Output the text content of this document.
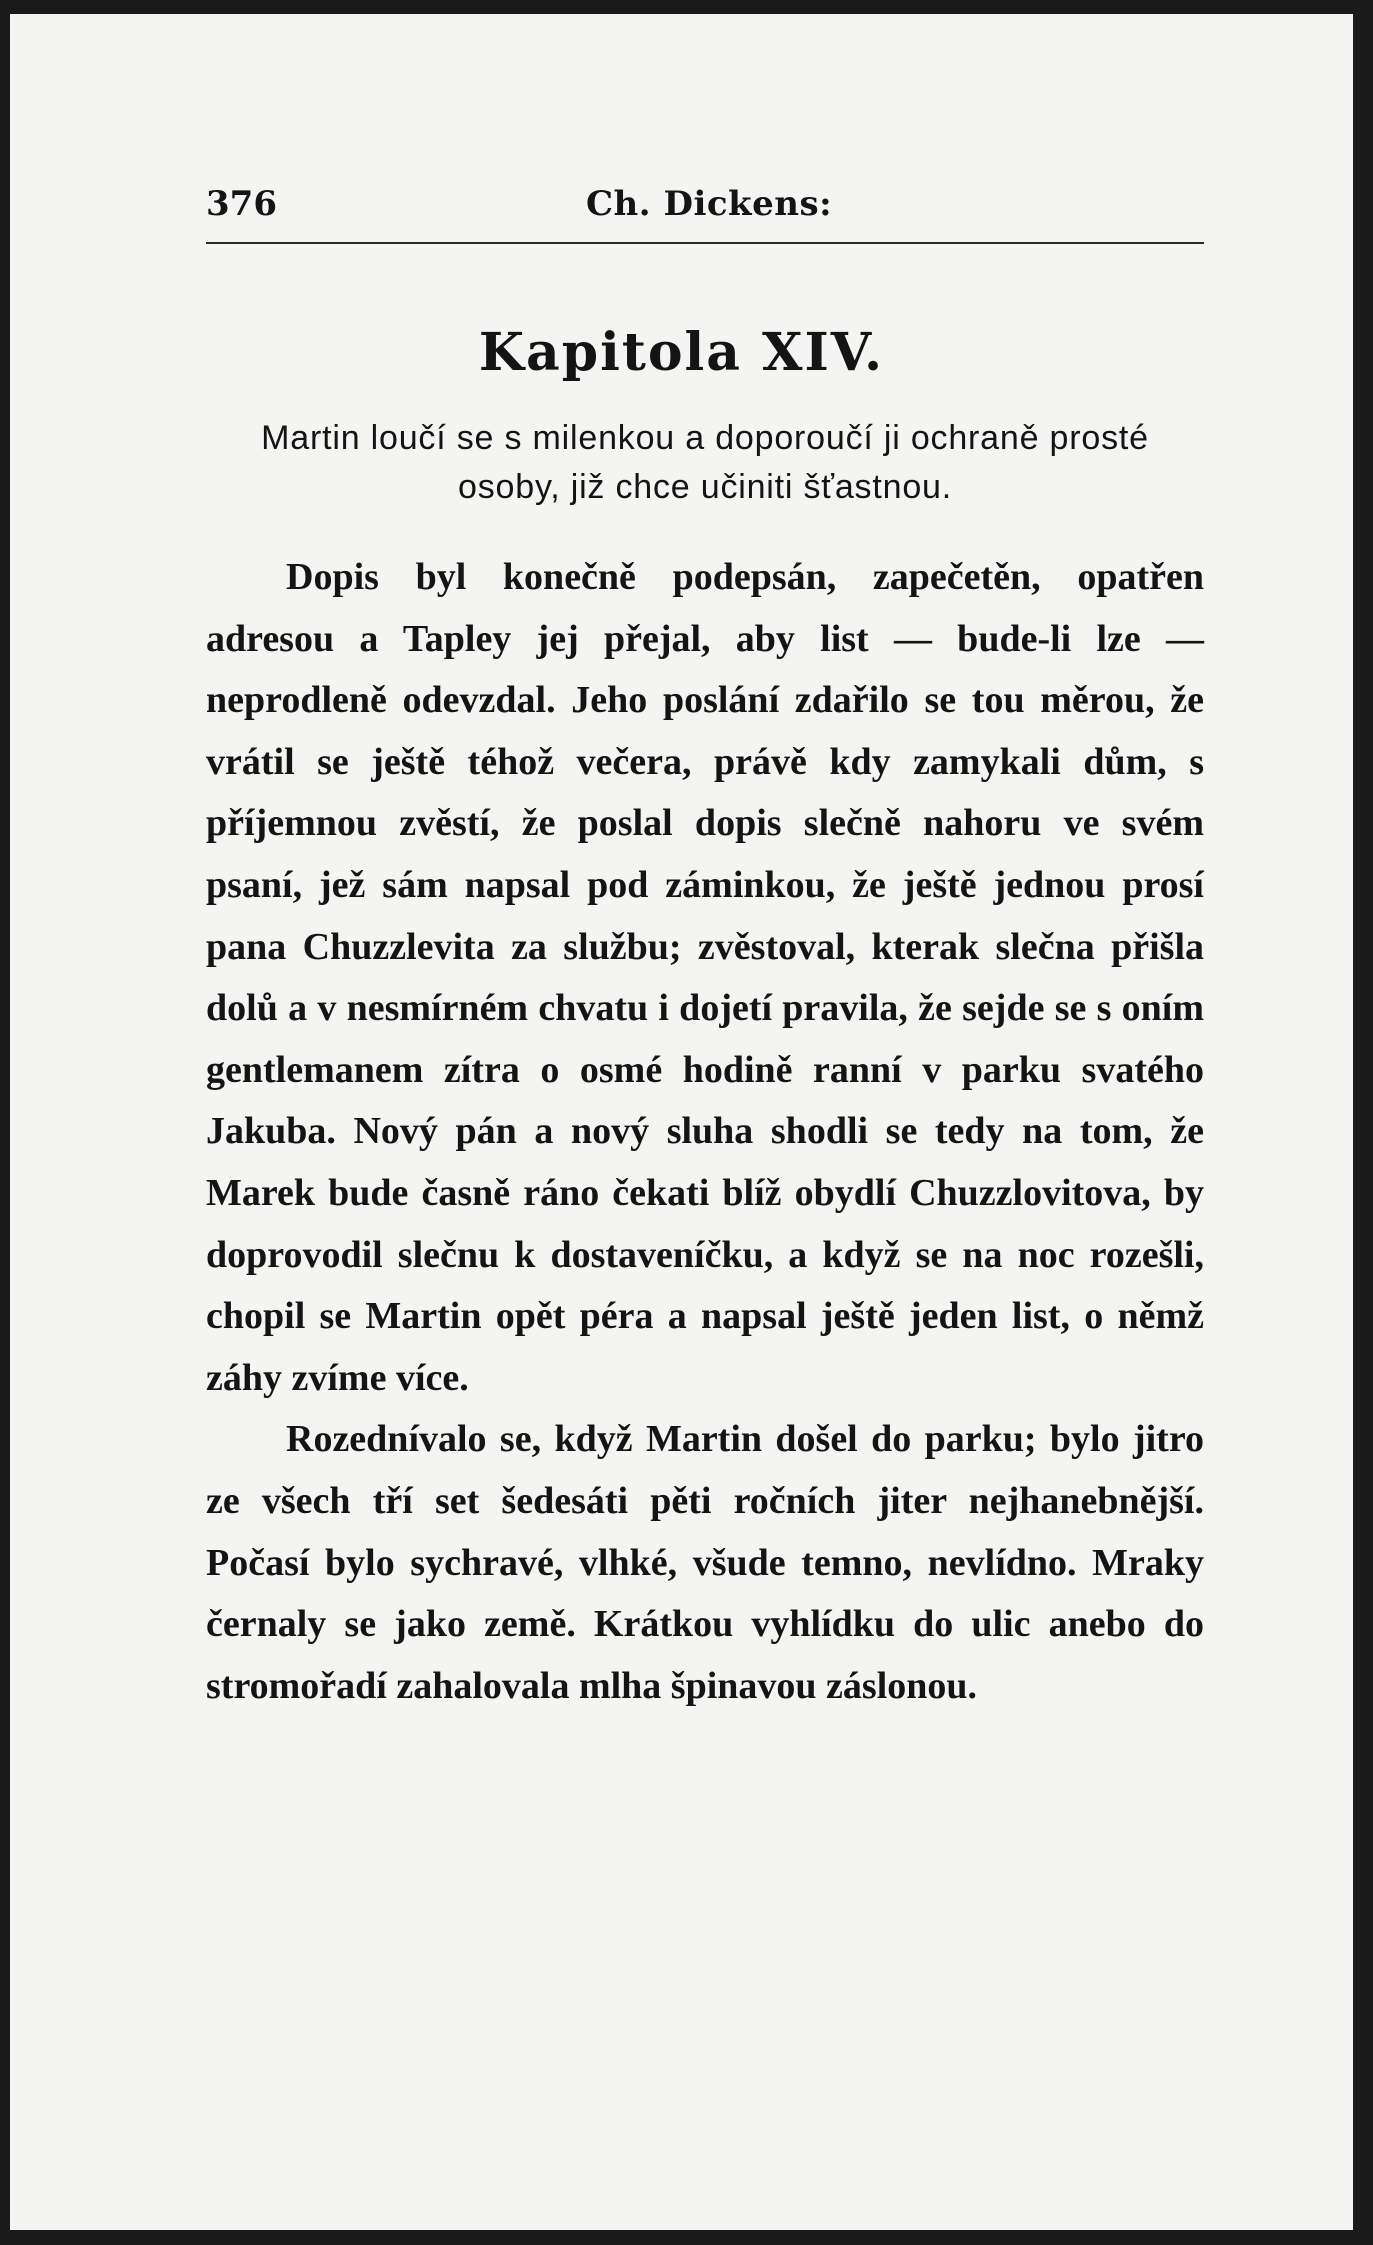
376	Ch. Dickens:
Kapitola XIV.
Martin loučí se s milenkou a doporoučí ji ochraně prosté osoby, již chce učiniti šťastnou.

Dopis byl konečně podepsán, zapečetěn, opatřen adresou a Tapley jej přejal, aby list — bude-li lze — neprodleně odevzdal. Jeho poslání zdařilo se tou měrou, že vrátil se ještě téhož večera, právě kdy zamykali dům, s příjemnou zvěstí, že poslal dopis slečně nahoru ve svém psaní, jež sám napsal pod záminkou, že ještě jednou prosí pana Chuzzlevita za službu; zvěstoval, kterak slečna přišla dolů a v nesmírném chvatu i dojetí pravila, že sejde se s oním gentlemanem zítra o osmé hodině ranní v parku svatého Jakuba. Nový pán a nový sluha shodli se tedy na tom, že Marek bude časně ráno čekati blíž obydlí Chuzzlovitova, by doprovodil slečnu k dostaveníčku, a když se na noc rozešli, chopil se Martin opět péra a napsal ještě jeden list, o němž záhy zvíme více.

Rozednívalo se, když Martin došel do parku; bylo jitro ze všech tří set šedesáti pěti ročních jiter nejhanebnější. Počasí bylo sychravé, vlhké, všude temno, nevlídno. Mraky černaly se jako země. Krátkou vyhlídku do ulic anebo do stromořadí zahalovala mlha špinavou záslonou.
